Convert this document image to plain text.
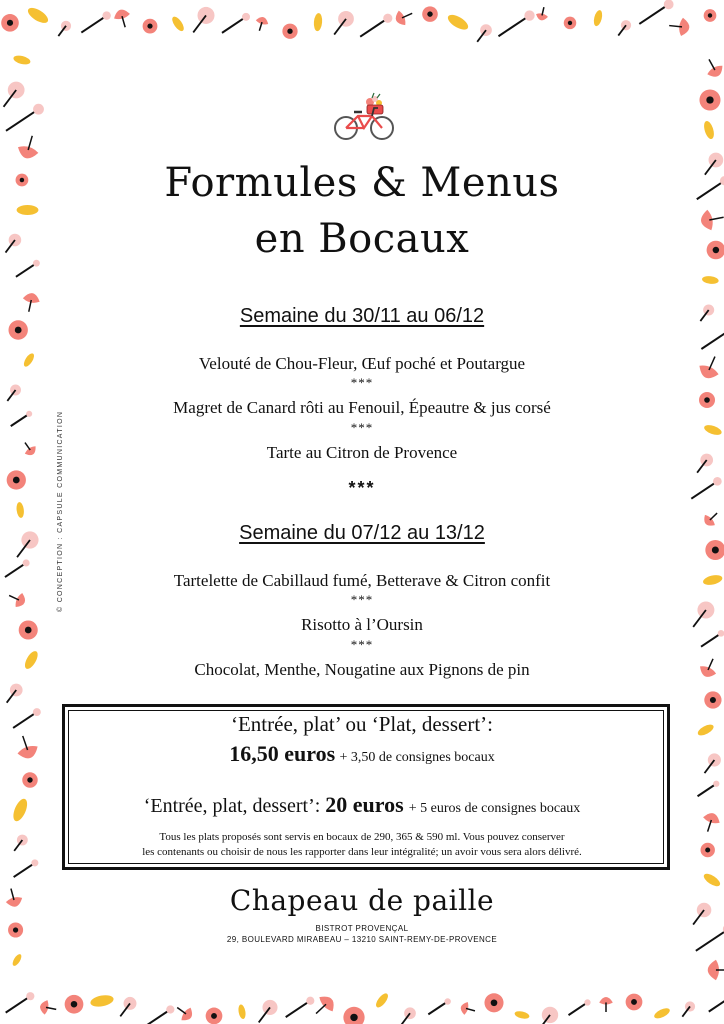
© CONCEPTION : CAPSULE COMMUNICATION
Formules & Menus
en Bocaux
Semaine du 30/11 au 06/12
Velouté de Chou-Fleur, Œuf poché et Poutargue
***
Magret de Canard rôti au Fenouil, Épeautre & jus corsé
***
Tarte au Citron de Provence
***
Semaine du 07/12 au 13/12
Tartelette de Cabillaud fumé, Betterave & Citron confit
***
Risotto à l’Oursin
***
Chocolat, Menthe, Nougatine aux Pignons de pin
‘Entrée, plat’ ou ‘Plat, dessert’:
16,50 euros + 3,50 de consignes bocaux
‘Entrée, plat, dessert’: 20 euros + 5 euros de consignes bocaux
Tous les plats proposés sont servis en bocaux de 290, 365 & 590 ml. Vous pouvez conserver
les contenants ou choisir de nous les rapporter dans leur intégralité; un avoir vous sera alors délivré.
Chapeau de paille
BISTROT PROVENÇAL
29, BOULEVARD MIRABEAU – 13210 SAINT-REMY-DE-PROVENCE
